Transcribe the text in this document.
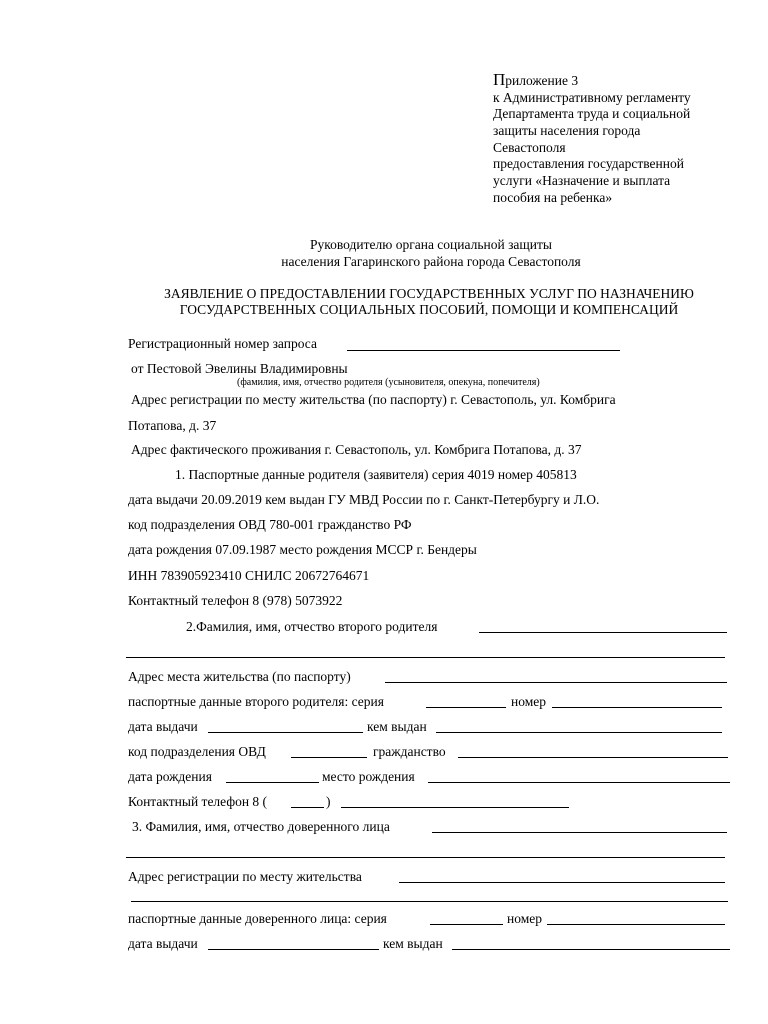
Приложение 3
к Административному регламенту
Департамента труда и социальной
защиты населения города
Севастополя
предоставления государственной
услуги «Назначение и выплата
пособия на ребенка»
Руководителю органа социальной защиты
населения Гагаринского района города Севастополя
ЗАЯВЛЕНИЕ О ПРЕДОСТАВЛЕНИИ ГОСУДАРСТВЕННЫХ УСЛУГ ПО НАЗНАЧЕНИЮ
ГОСУДАРСТВЕННЫХ СОЦИАЛЬНЫХ ПОСОБИЙ, ПОМОЩИ И КОМПЕНСАЦИЙ
Регистрационный номер запроса
от Пестовой Эвелины Владимировны
(фамилия, имя, отчество родителя (усыновителя, опекуна, попечителя)
Адрес регистрации по месту жительства (по паспорту) г. Севастополь, ул. Комбрига
Потапова, д. 37
Адрес фактического проживания г. Севастополь, ул. Комбрига Потапова, д. 37
1. Паспортные данные родителя (заявителя) серия 4019 номер 405813
дата выдачи 20.09.2019 кем выдан ГУ МВД России по г. Санкт-Петербургу и Л.О.
код подразделения ОВД 780-001 гражданство РФ
дата рождения 07.09.1987 место рождения МССР г. Бендеры
ИНН 783905923410 СНИЛС 20672764671
Контактный телефон 8 (978) 5073922
2.Фамилия, имя, отчество второго родителя
Адрес места жительства (по паспорту)
паспортные данные второго родителя: серия	номер
дата выдачи	кем выдан
код подразделения ОВД	гражданство
дата рождения	место рождения
Контактный телефон 8 (	)
3. Фамилия, имя, отчество доверенного лица
Адрес регистрации по месту жительства
паспортные данные доверенного лица: серия	номер
дата выдачи	кем выдан
